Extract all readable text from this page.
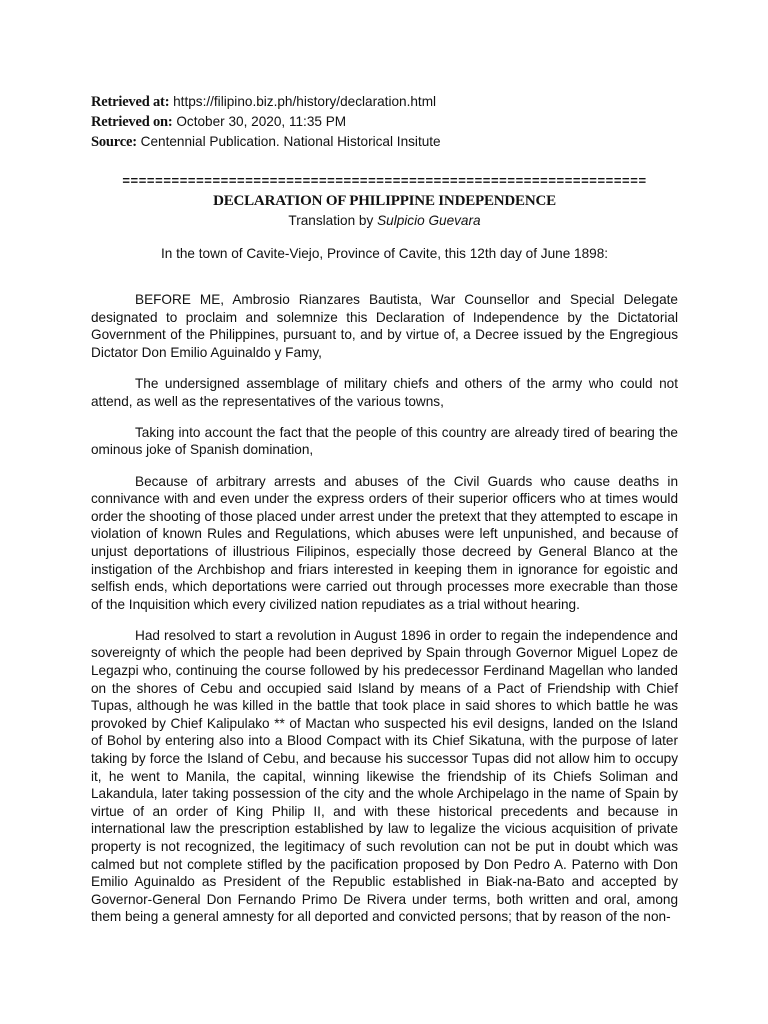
Retrieved at: https://filipino.biz.ph/history/declaration.html
Retrieved on: October 30, 2020, 11:35 PM
Source: Centennial Publication. National Historical Insitute
================================================================
DECLARATION OF PHILIPPINE INDEPENDENCE
Translation by Sulpicio Guevara
In the town of Cavite-Viejo, Province of Cavite, this 12th day of June 1898:

BEFORE ME, Ambrosio Rianzares Bautista, War Counsellor and Special Delegate designated to proclaim and solemnize this Declaration of Independence by the Dictatorial Government of the Philippines, pursuant to, and by virtue of, a Decree issued by the Engregious Dictator Don Emilio Aguinaldo y Famy,

The undersigned assemblage of military chiefs and others of the army who could not attend, as well as the representatives of the various towns,

Taking into account the fact that the people of this country are already tired of bearing the ominous joke of Spanish domination,

Because of arbitrary arrests and abuses of the Civil Guards who cause deaths in connivance with and even under the express orders of their superior officers who at times would order the shooting of those placed under arrest under the pretext that they attempted to escape in violation of known Rules and Regulations, which abuses were left unpunished, and because of unjust deportations of illustrious Filipinos, especially those decreed by General Blanco at the instigation of the Archbishop and friars interested in keeping them in ignorance for egoistic and selfish ends, which deportations were carried out through processes more execrable than those of the Inquisition which every civilized nation repudiates as a trial without hearing.

Had resolved to start a revolution in August 1896 in order to regain the independence and sovereignty of which the people had been deprived by Spain through Governor Miguel Lopez de Legazpi who, continuing the course followed by his predecessor Ferdinand Magellan who landed on the shores of Cebu and occupied said Island by means of a Pact of Friendship with Chief Tupas, although he was killed in the battle that took place in said shores to which battle he was provoked by Chief Kalipulako ** of Mactan who suspected his evil designs, landed on the Island of Bohol by entering also into a Blood Compact with its Chief Sikatuna, with the purpose of later taking by force the Island of Cebu, and because his successor Tupas did not allow him to occupy it, he went to Manila, the capital, winning likewise the friendship of its Chiefs Soliman and Lakandula, later taking possession of the city and the whole Archipelago in the name of Spain by virtue of an order of King Philip II, and with these historical precedents and because in international law the prescription established by law to legalize the vicious acquisition of private property is not recognized, the legitimacy of such revolution can not be put in doubt which was calmed but not complete stifled by the pacification proposed by Don Pedro A. Paterno with Don Emilio Aguinaldo as President of the Republic established in Biak-na-Bato and accepted by Governor-General Don Fernando Primo De Rivera under terms, both written and oral, among them being a general amnesty for all deported and convicted persons; that by reason of the non-
